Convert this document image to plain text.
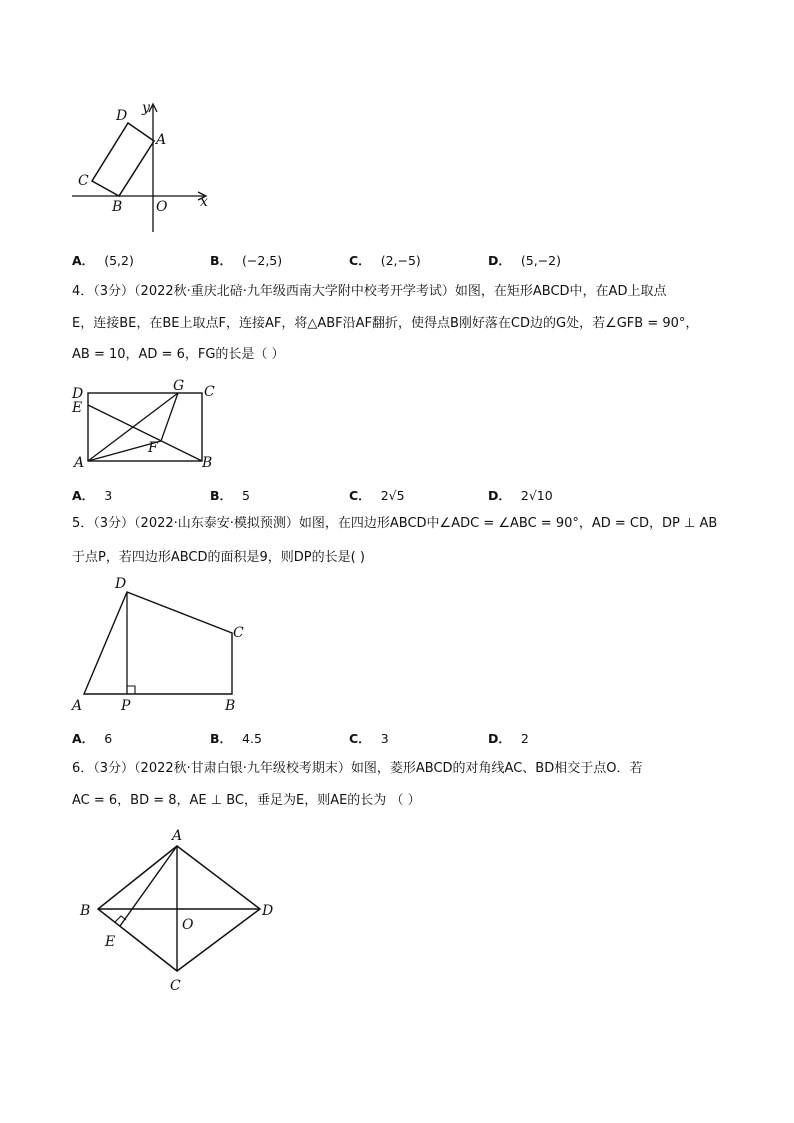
D y
A
C
B O x
A． (5,2)	B． (−2,5)	C． (2,−5)	D． (5,−2)
4．（3分）（2022秋·重庆北碚·九年级西南大学附中校考开学考试）如图，在矩形ABCD中，在AD上取点
E，连接BE，在BE上取点F，连接AF，将△ABF沿AF翻折，使得点B刚好落在CD边的G处，若∠GFB = 90°，
AB = 10，AD = 6，FG的长是（ ）
D
E
G C
F
A	B
A． 3	B． 5	C． 2√5	D． 2√10
5．（3分）（2022·山东泰安·模拟预测）如图，在四边形ABCD中∠ADC = ∠ABC = 90°，AD = CD，DP ⊥ AB
于点P，若四边形ABCD的面积是9，则DP的长是( )
D
C
A	P	B
A． 6	B． 4.5	C． 3	D． 2
6．（3分）（2022秋·甘肃白银·九年级校考期末）如图，菱形ABCD的对角线AC、BD相交于点O．若
AC = 6，BD = 8，AE ⊥ BC，垂足为E，则AE的长为 （ ）
A
B
O
D
E
C
